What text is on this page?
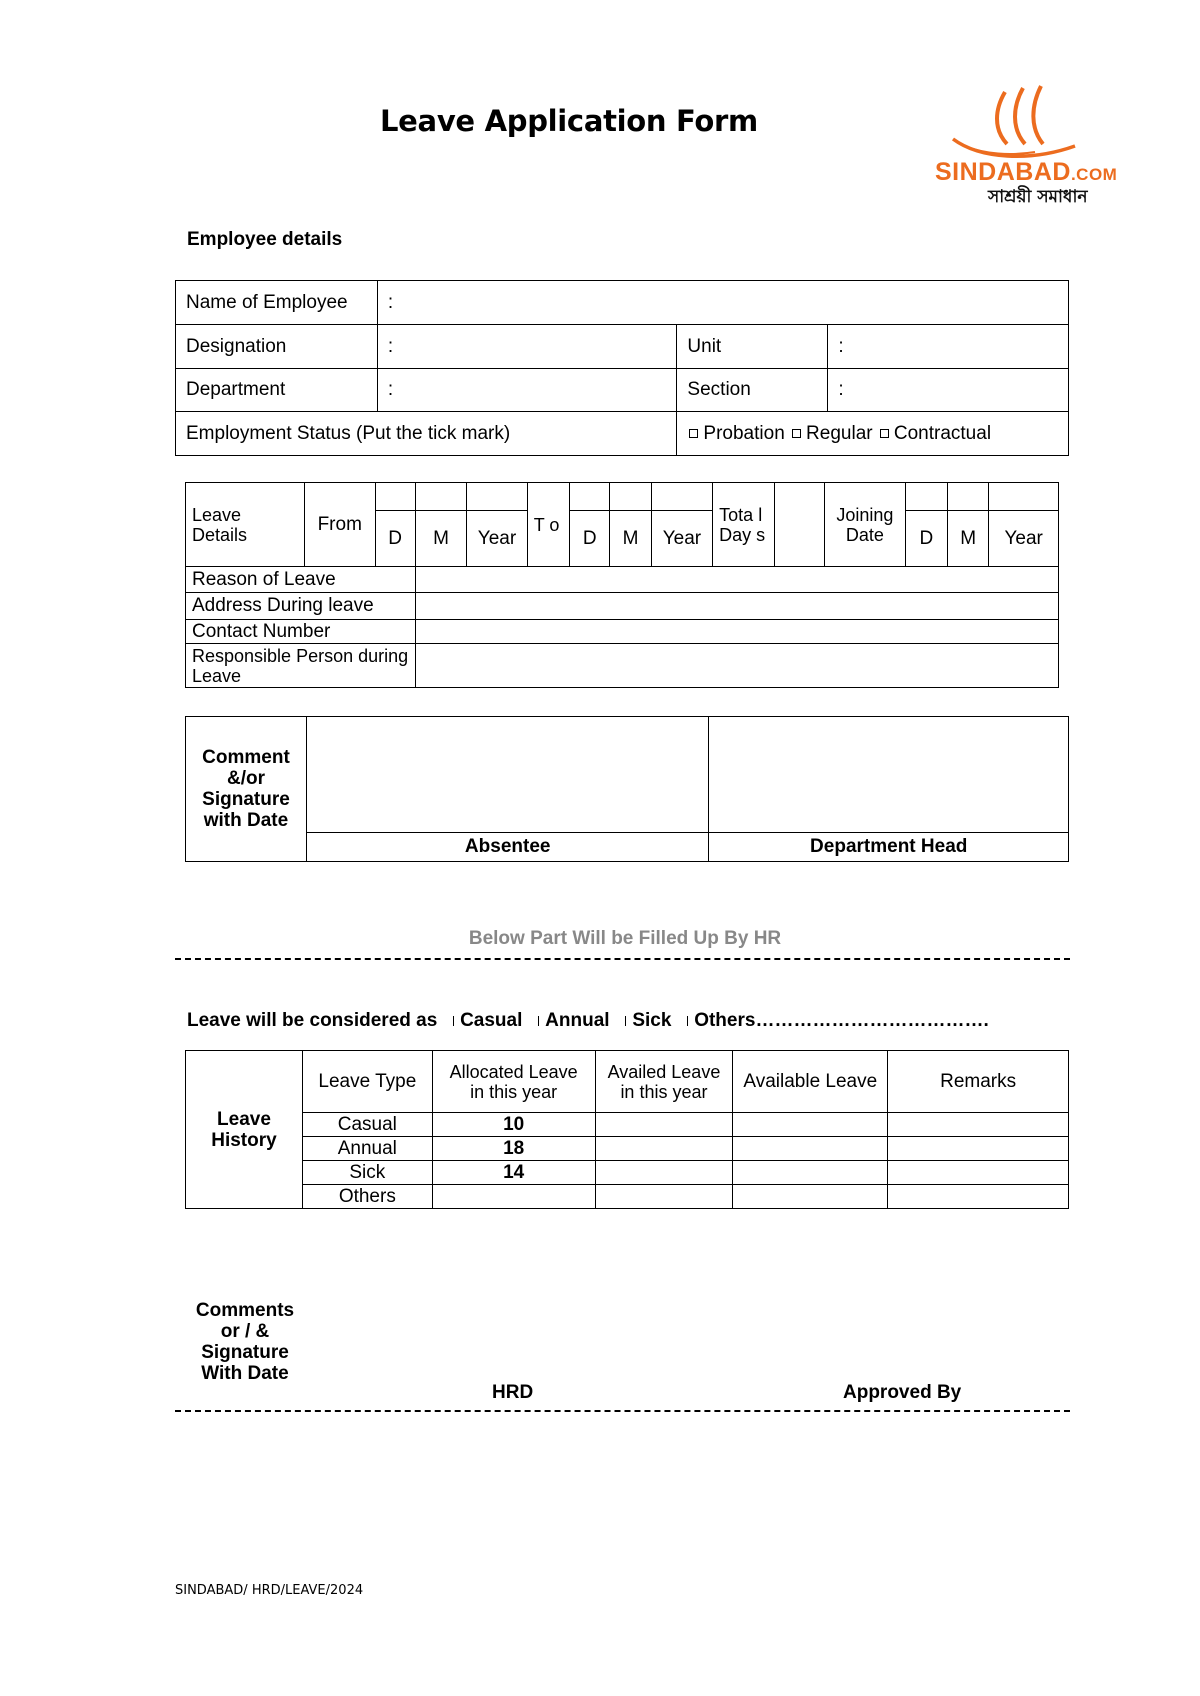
Leave Application Form
SINDABAD.COM
সাশ্রয়ী সমাধান
Employee details
Name of Employee	:		
Designation	:	Unit	:
Department	:	Section	:
Employment Status (Put the tick mark)		Probation Regular Contractual	
Leave Details	From				T o				Tota l Day s		Joining Date			
		D	M	Year		D	M	Year				D	M	Year
Reason of Leave														
Address During leave														
Contact Number														
Responsible Person during Leave														
Comment &/or Signature with Date		
	Absentee	Department Head
Below Part Will be Filled Up By HR
Leave will be considered as Casual Annual Sick Others……………………………….
Leave History	Leave Type	Allocated Leave in this year	Availed Leave in this year	Available Leave	Remarks
	Casual	10			
	Annual	18			
	Sick	14			
	Others				
Comments or / & Signature With Date
HRD	Approved By
SINDABAD/ HRD/LEAVE/2024
